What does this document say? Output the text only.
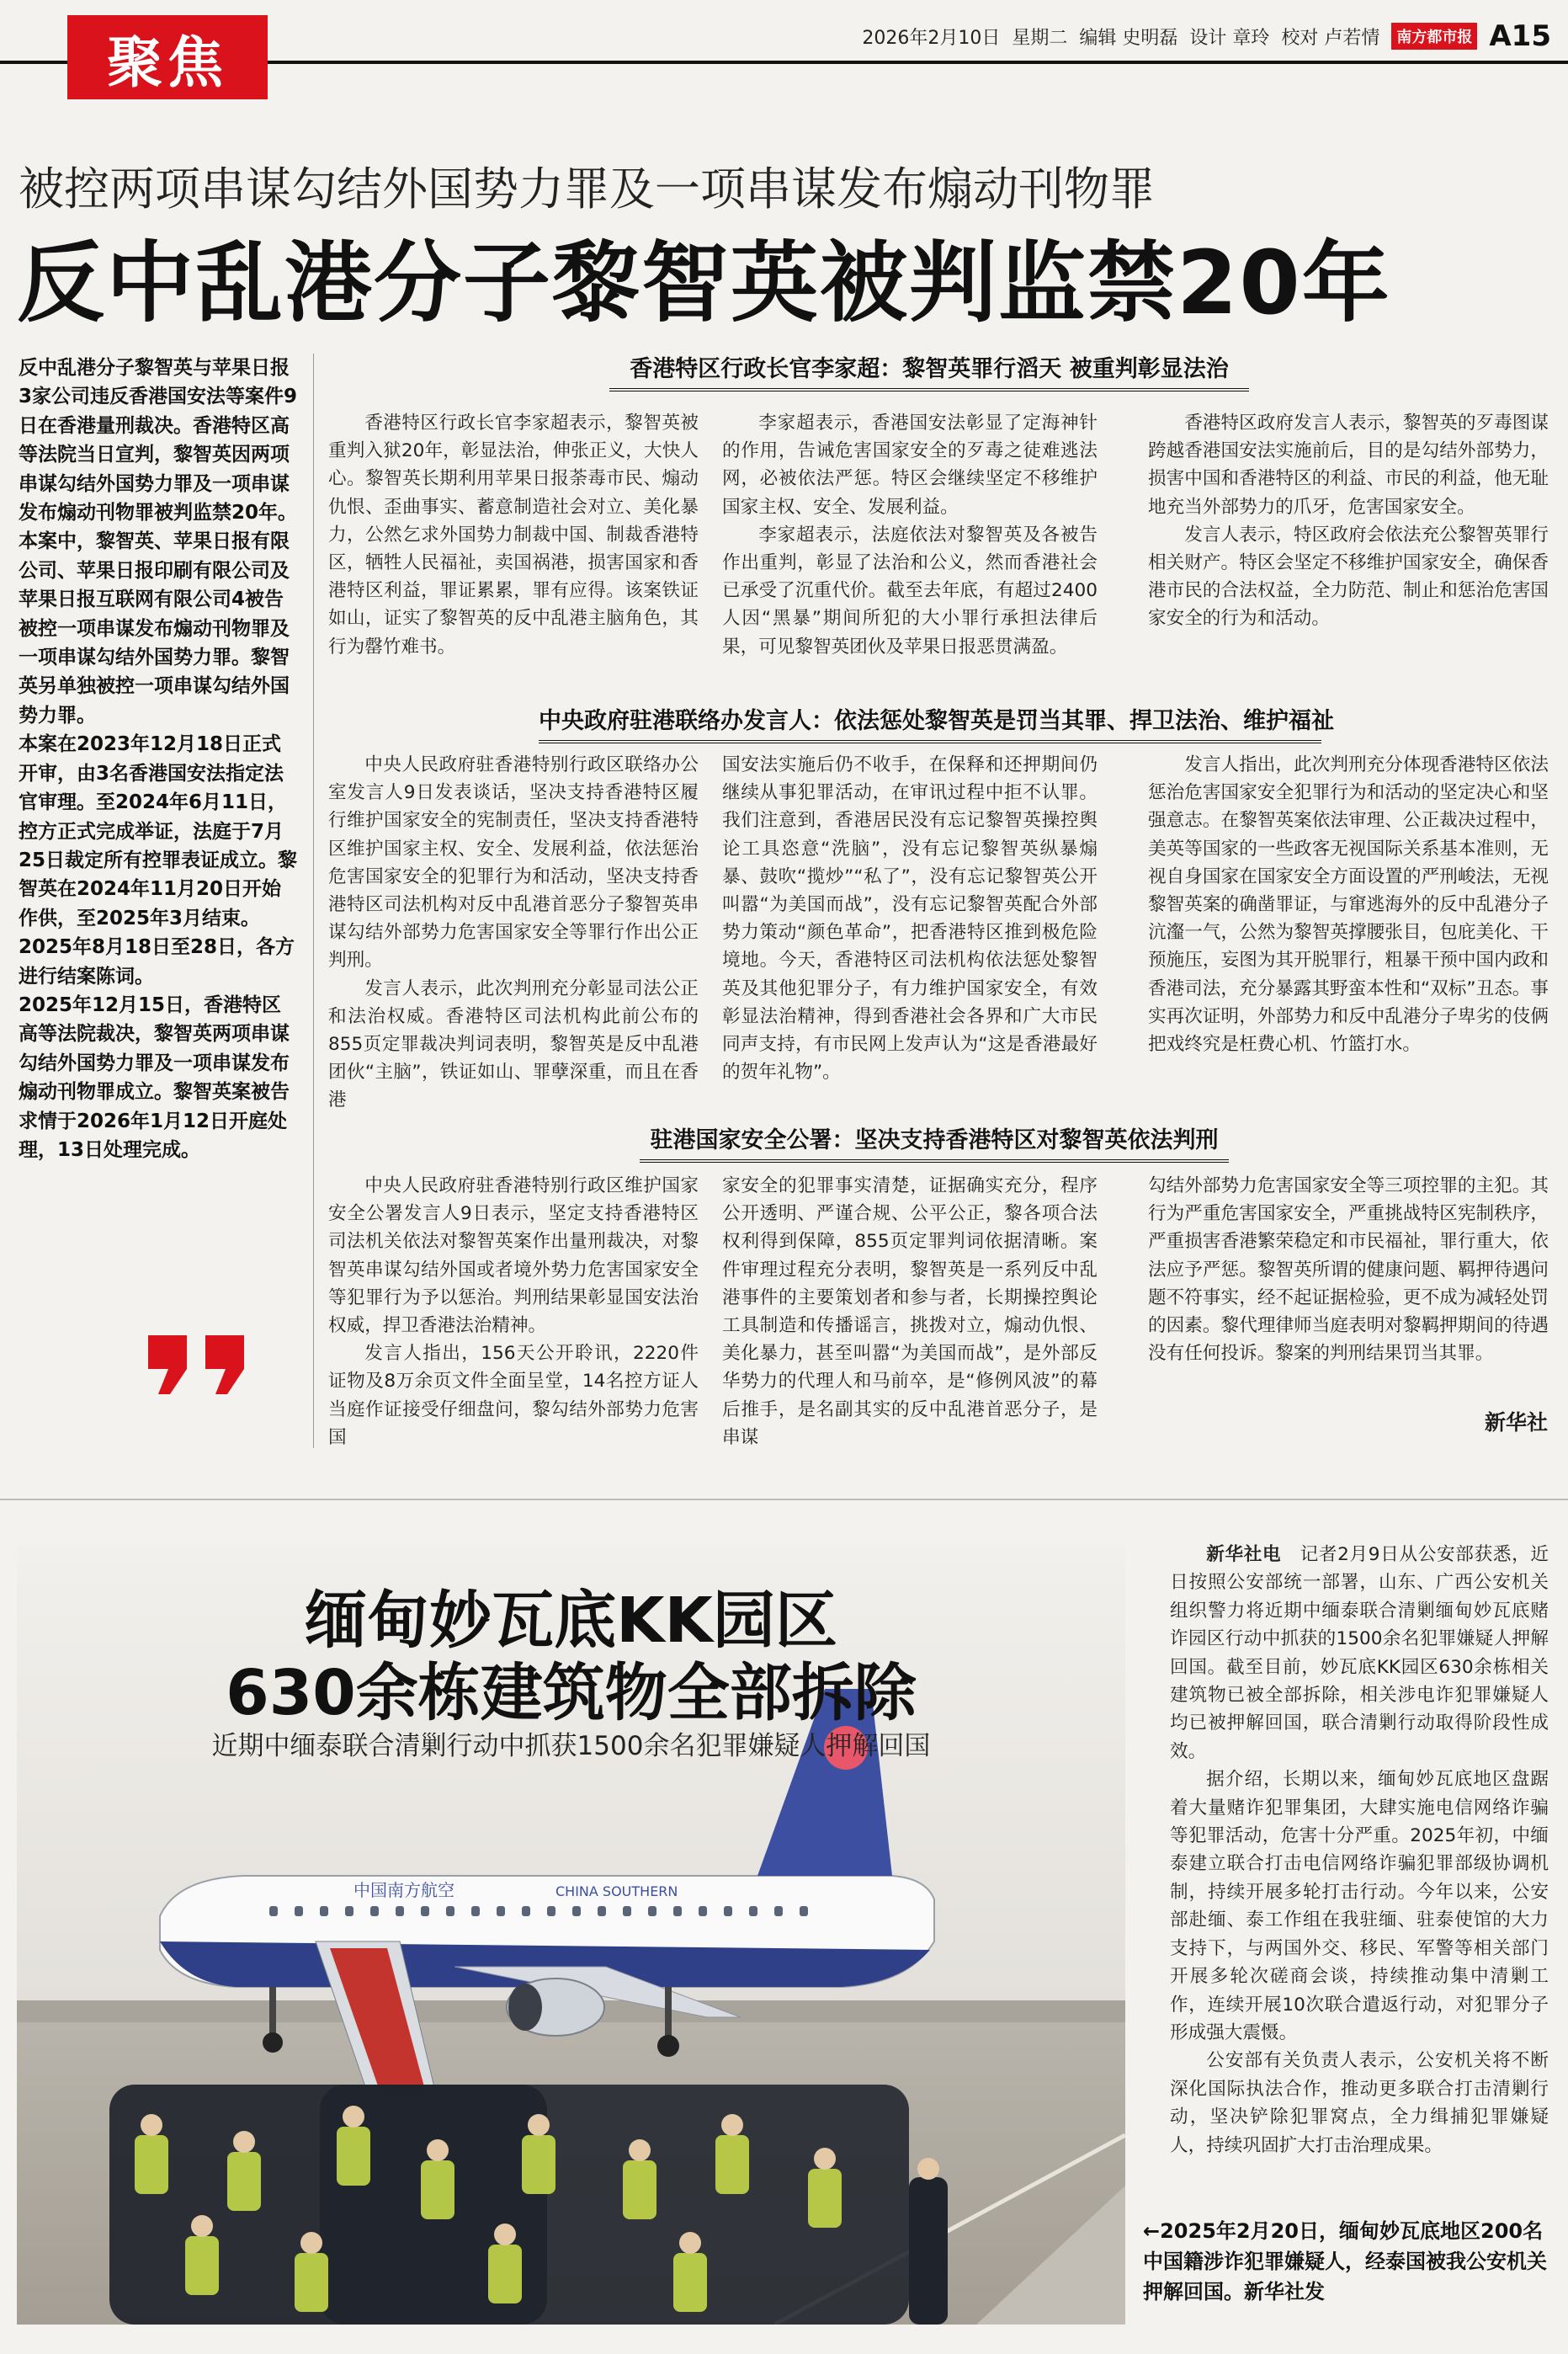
聚焦	2026年2月10日 星期二 编辑 史明磊 设计 章玲 校对 卢若情	南方都市报 A15
被控两项串谋勾结外国势力罪及一项串谋发布煽动刊物罪
反中乱港分子黎智英被判监禁20年

反中乱港分子黎智英与苹果日报3家公司违反香港国安法等案件9日在香港量刑裁决。香港特区高等法院当日宣判，黎智英因两项串谋勾结外国势力罪及一项串谋发布煽动刊物罪被判监禁20年。

本案中，黎智英、苹果日报有限公司、苹果日报印刷有限公司及苹果日报互联网有限公司4被告被控一项串谋发布煽动刊物罪及一项串谋勾结外国势力罪。黎智英另单独被控一项串谋勾结外国势力罪。

本案在2023年12月18日正式开审，由3名香港国安法指定法官审理。至2024年6月11日，控方正式完成举证，法庭于7月25日裁定所有控罪表证成立。黎智英在2024年11月20日开始作供，至2025年3月结束。2025年8月18日至28日，各方进行结案陈词。

2025年12月15日，香港特区高等法院裁决，黎智英两项串谋勾结外国势力罪及一项串谋发布煽动刊物罪成立。黎智英案被告求情于2026年1月12日开庭处理，13日处理完成。

香港特区行政长官李家超：黎智英罪行滔天 被重判彰显法治

香港特区行政长官李家超表示，黎智英被重判入狱20年，彰显法治，伸张正义，大快人心。黎智英长期利用苹果日报荼毒市民、煽动仇恨、歪曲事实、蓄意制造社会对立、美化暴力，公然乞求外国势力制裁中国、制裁香港特区，牺牲人民福祉，卖国祸港，损害国家和香港特区利益，罪证累累，罪有应得。该案铁证如山，证实了黎智英的反中乱港主脑角色，其行为罄竹难书。

李家超表示，香港国安法彰显了定海神针的作用，告诫危害国家安全的歹毒之徒难逃法网，必被依法严惩。特区会继续坚定不移维护国家主权、安全、发展利益。

李家超表示，法庭依法对黎智英及各被告作出重判，彰显了法治和公义，然而香港社会已承受了沉重代价。截至去年底，有超过2400人因“黑暴”期间所犯的大小罪行承担法律后果，可见黎智英团伙及苹果日报恶贯满盈。

香港特区政府发言人表示，黎智英的歹毒图谋跨越香港国安法实施前后，目的是勾结外部势力，损害中国和香港特区的利益、市民的利益，他无耻地充当外部势力的爪牙，危害国家安全。

发言人表示，特区政府会依法充公黎智英罪行相关财产。特区会坚定不移维护国家安全，确保香港市民的合法权益，全力防范、制止和惩治危害国家安全的行为和活动。

中央政府驻港联络办发言人：依法惩处黎智英是罚当其罪、捍卫法治、维护福祉

中央人民政府驻香港特别行政区联络办公室发言人9日发表谈话，坚决支持香港特区履行维护国家安全的宪制责任，坚决支持香港特区维护国家主权、安全、发展利益，依法惩治危害国家安全的犯罪行为和活动，坚决支持香港特区司法机构对反中乱港首恶分子黎智英串谋勾结外部势力危害国家安全等罪行作出公正判刑。

发言人表示，此次判刑充分彰显司法公正和法治权威。香港特区司法机构此前公布的855页定罪裁决判词表明，黎智英是反中乱港团伙“主脑”，铁证如山、罪孽深重，而且在香港

国安法实施后仍不收手，在保释和还押期间仍继续从事犯罪活动，在审讯过程中拒不认罪。我们注意到，香港居民没有忘记黎智英操控舆论工具恣意“洗脑”，没有忘记黎智英纵暴煽暴、鼓吹“揽炒”“私了”，没有忘记黎智英公开叫嚣“为美国而战”，没有忘记黎智英配合外部势力策动“颜色革命”，把香港特区推到极危险境地。今天，香港特区司法机构依法惩处黎智英及其他犯罪分子，有力维护国家安全，有效彰显法治精神，得到香港社会各界和广大市民同声支持，有市民网上发声认为“这是香港最好的贺年礼物”。

发言人指出，此次判刑充分体现香港特区依法惩治危害国家安全犯罪行为和活动的坚定决心和坚强意志。在黎智英案依法审理、公正裁决过程中，美英等国家的一些政客无视国际关系基本准则，无视自身国家在国家安全方面设置的严刑峻法，无视黎智英案的确凿罪证，与窜逃海外的反中乱港分子沆瀣一气，公然为黎智英撑腰张目，包庇美化、干预施压，妄图为其开脱罪行，粗暴干预中国内政和香港司法，充分暴露其野蛮本性和“双标”丑态。事实再次证明，外部势力和反中乱港分子卑劣的伎俩把戏终究是枉费心机、竹篮打水。

驻港国家安全公署：坚决支持香港特区对黎智英依法判刑

中央人民政府驻香港特别行政区维护国家安全公署发言人9日表示，坚定支持香港特区司法机关依法对黎智英案作出量刑裁决，对黎智英串谋勾结外国或者境外势力危害国家安全等犯罪行为予以惩治。判刑结果彰显国安法治权威，捍卫香港法治精神。

发言人指出，156天公开聆讯，2220件证物及8万余页文件全面呈堂，14名控方证人当庭作证接受仔细盘问，黎勾结外部势力危害国

家安全的犯罪事实清楚，证据确实充分，程序公开透明、严谨合规、公平公正，黎各项合法权利得到保障，855页定罪判词依据清晰。案件审理过程充分表明，黎智英是一系列反中乱港事件的主要策划者和参与者，长期操控舆论工具制造和传播谣言，挑拨对立，煽动仇恨、美化暴力，甚至叫嚣“为美国而战”，是外部反华势力的代理人和马前卒，是“修例风波”的幕后推手，是名副其实的反中乱港首恶分子，是串谋

勾结外部势力危害国家安全等三项控罪的主犯。其行为严重危害国家安全，严重挑战特区宪制秩序，严重损害香港繁荣稳定和市民福祉，罪行重大，依法应予严惩。黎智英所谓的健康问题、羁押待遇问题不符事实，经不起证据检验，更不成为减轻处罚的因素。黎代理律师当庭表明对黎羁押期间的待遇没有任何投诉。黎案的判刑结果罚当其罪。

新华社
中国南方航空	CHINA SOUTHERN
缅甸妙瓦底KK园区
630余栋建筑物全部拆除
近期中缅泰联合清剿行动中抓获1500余名犯罪嫌疑人押解回国

新华社电　 记者2月9日从公安部获悉，近日按照公安部统一部署，山东、广西公安机关组织警力将近期中缅泰联合清剿缅甸妙瓦底赌诈园区行动中抓获的1500余名犯罪嫌疑人押解回国。截至目前，妙瓦底KK园区630余栋相关建筑物已被全部拆除，相关涉电诈犯罪嫌疑人均已被押解回国，联合清剿行动取得阶段性成效。

据介绍，长期以来，缅甸妙瓦底地区盘踞着大量赌诈犯罪集团，大肆实施电信网络诈骗等犯罪活动，危害十分严重。2025年初，中缅泰建立联合打击电信网络诈骗犯罪部级协调机制，持续开展多轮打击行动。今年以来，公安部赴缅、泰工作组在我驻缅、驻泰使馆的大力支持下，与两国外交、移民、军警等相关部门开展多轮次磋商会谈，持续推动集中清剿工作，连续开展10次联合遣返行动，对犯罪分子形成强大震慑。

公安部有关负责人表示，公安机关将不断深化国际执法合作，推动更多联合打击清剿行动，坚决铲除犯罪窝点，全力缉捕犯罪嫌疑人，持续巩固扩大打击治理成果。

←2025年2月20日，缅甸妙瓦底地区200名中国籍涉诈犯罪嫌疑人，经泰国被我公安机关押解回国。新华社发
